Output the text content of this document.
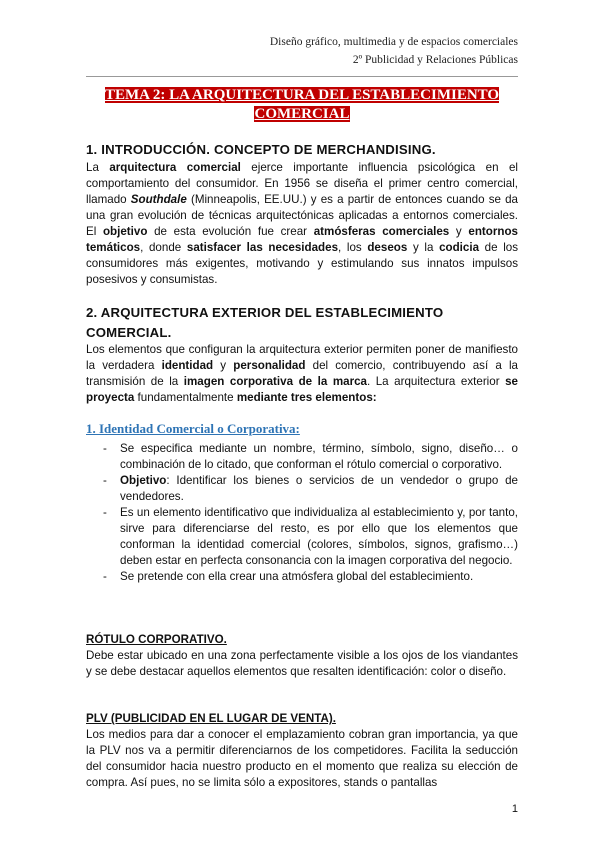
Diseño gráfico, multimedia y de espacios comerciales
2º Publicidad y Relaciones Públicas
TEMA 2: LA ARQUITECTURA DEL ESTABLECIMIENTO COMERCIAL
1. INTRODUCCIÓN. CONCEPTO DE MERCHANDISING.
La arquitectura comercial ejerce importante influencia psicológica en el comportamiento del consumidor. En 1956 se diseña el primer centro comercial, llamado Southdale (Minneapolis, EE.UU.) y es a partir de entonces cuando se da una gran evolución de técnicas arquitectónicas aplicadas a entornos comerciales. El objetivo de esta evolución fue crear atmósferas comerciales y entornos temáticos, donde satisfacer las necesidades, los deseos y la codicia de los consumidores más exigentes, motivando y estimulando sus innatos impulsos posesivos y consumistas.
2. ARQUITECTURA EXTERIOR DEL ESTABLECIMIENTO COMERCIAL.
Los elementos que configuran la arquitectura exterior permiten poner de manifiesto la verdadera identidad y personalidad del comercio, contribuyendo así a la transmisión de la imagen corporativa de la marca. La arquitectura exterior se proyecta fundamentalmente mediante tres elementos:
1. Identidad Comercial o Corporativa:
- Se especifica mediante un nombre, término, símbolo, signo, diseño… o combinación de lo citado, que conforman el rótulo comercial o corporativo.
- Objetivo: Identificar los bienes o servicios de un vendedor o grupo de vendedores.
- Es un elemento identificativo que individualiza al establecimiento y, por tanto, sirve para diferenciarse del resto, es por ello que los elementos que conforman la identidad comercial (colores, símbolos, signos, grafismo…) deben estar en perfecta consonancia con la imagen corporativa del negocio.
- Se pretende con ella crear una atmósfera global del establecimiento.
RÓTULO CORPORATIVO.
Debe estar ubicado en una zona perfectamente visible a los ojos de los viandantes y se debe destacar aquellos elementos que resalten identificación: color o diseño.
PLV (PUBLICIDAD EN EL LUGAR DE VENTA).
Los medios para dar a conocer el emplazamiento cobran gran importancia, ya que la PLV nos va a permitir diferenciarnos de los competidores. Facilita la seducción del consumidor hacia nuestro producto en el momento que realiza su elección de compra. Así pues, no se limita sólo a expositores, stands o pantallas
1
